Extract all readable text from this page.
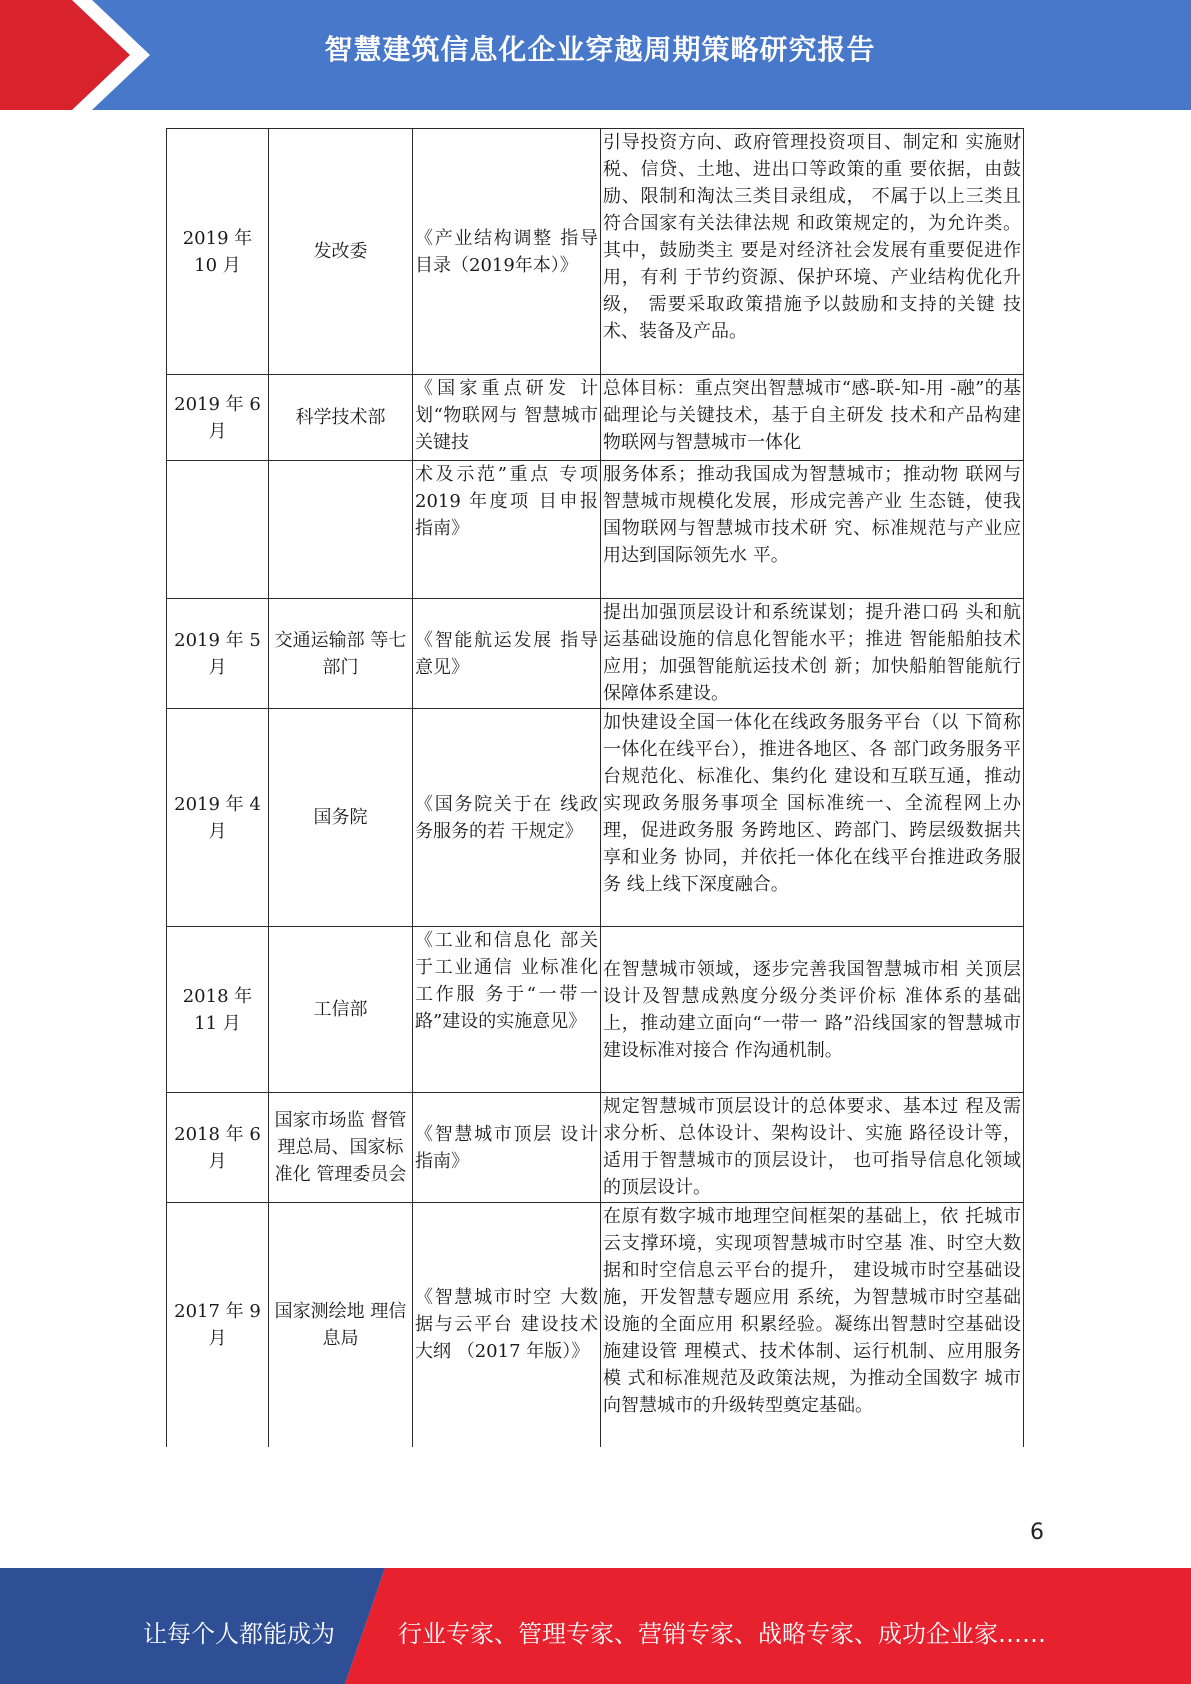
智慧建筑信息化企业穿越周期策略研究报告
2019 年 10 月	发改委	《产业结构调整 指导目录（2019年本）》	引导投资方向、政府管理投资项目、制定和 实施财税、信贷、土地、进出口等政策的重 要依据，由鼓励、限制和淘汰三类目录组成， 不属于以上三类且符合国家有关法律法规 和政策规定的，为允许类。其中，鼓励类主 要是对经济社会发展有重要促进作用，有利 于节约资源、保护环境、产业结构优化升级， 需要采取政策措施予以鼓励和支持的关键 技术、装备及产品。
2019 年 6 月	科学技术部	《国家重点研发 计划“物联网与 智慧城市关键技	总体目标：重点突出智慧城市“感-联-知-用 -融”的基础理论与关键技术，基于自主研发 技术和产品构建物联网与智慧城市一体化
		术及示范”重点 专项 2019 年度项 目申报指南》	服务体系；推动我国成为智慧城市；推动物 联网与智慧城市规模化发展，形成完善产业 生态链，使我国物联网与智慧城市技术研 究、标准规范与产业应用达到国际领先水 平。
2019 年 5 月	交通运输部 等七部门	《智能航运发展 指导意见》	提出加强顶层设计和系统谋划；提升港口码 头和航运基础设施的信息化智能水平；推进 智能船舶技术应用；加强智能航运技术创 新；加快船舶智能航行保障体系建设。
2019 年 4 月	国务院	《国务院关于在 线政务服务的若 干规定》	加快建设全国一体化在线政务服务平台（以 下简称一体化在线平台），推进各地区、各 部门政务服务平台规范化、标准化、集约化 建设和互联互通，推动实现政务服务事项全 国标准统一、全流程网上办理，促进政务服 务跨地区、跨部门、跨层级数据共享和业务 协同，并依托一体化在线平台推进政务服务 线上线下深度融合。
2018 年 11 月	工信部	《工业和信息化 部关于工业通信 业标准化工作服 务于“一带一 路”建设的实施意见》	在智慧城市领域，逐步完善我国智慧城市相 关顶层设计及智慧成熟度分级分类评价标 准体系的基础上，推动建立面向“一带一 路”沿线国家的智慧城市建设标准对接合 作沟通机制。
2018 年 6 月	国家市场监 督管理总局、国家标准化 管理委员会	《智慧城市顶层 设计指南》	规定智慧城市顶层设计的总体要求、基本过 程及需求分析、总体设计、架构设计、实施 路径设计等，适用于智慧城市的顶层设计， 也可指导信息化领域的顶层设计。
2017 年 9 月	国家测绘地 理信息局	《智慧城市时空 大数据与云平台 建设技术大纲 （2017 年版）》	在原有数字城市地理空间框架的基础上，依 托城市云支撑环境，实现项智慧城市时空基 准、时空大数据和时空信息云平台的提升， 建设城市时空基础设施，开发智慧专题应用 系统，为智慧城市时空基础设施的全面应用 积累经验。凝练出智慧时空基础设施建设管 理模式、技术体制、运行机制、应用服务模 式和标准规范及政策法规，为推动全国数字 城市向智慧城市的升级转型奠定基础。
6
让每个人都能成为	行业专家、管理专家、营销专家、战略专家、成功企业家……
